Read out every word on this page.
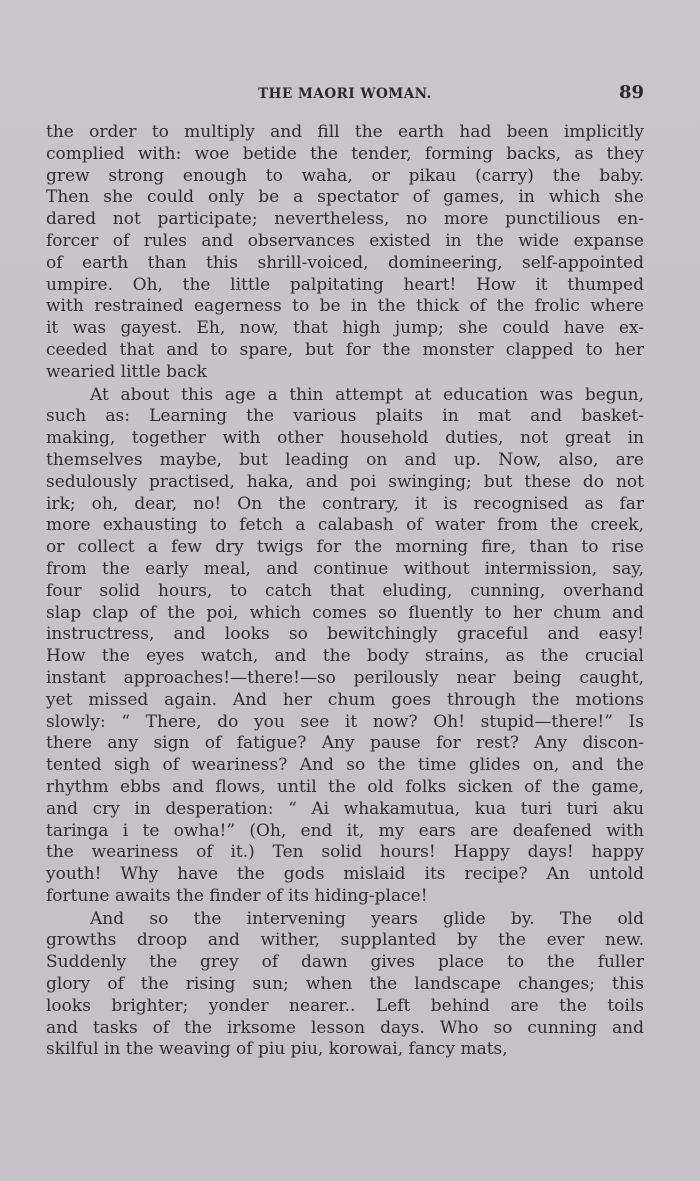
THE MAORI WOMAN.	89
the order to multiply and fill the earth had been implicitly
complied with: woe betide the tender, forming backs, as they
grew strong enough to waha, or pikau (carry) the baby.
Then she could only be a spectator of games, in which she
dared not participate; nevertheless, no more punctilious en-
forcer of rules and observances existed in the wide expanse
of earth than this shrill-voiced, domineering, self-appointed
umpire. Oh, the little palpitating heart! How it thumped
with restrained eagerness to be in the thick of the frolic where
it was gayest. Eh, now, that high jump; she could have ex-
ceeded that and to spare, but for the monster clapped to her
wearied little back
At about this age a thin attempt at education was begun,
such as: Learning the various plaits in mat and basket-
making, together with other household duties, not great in
themselves maybe, but leading on and up. Now, also, are
sedulously practised, haka, and poi swinging; but these do not
irk; oh, dear, no! On the contrary, it is recognised as far
more exhausting to fetch a calabash of water from the creek,
or collect a few dry twigs for the morning fire, than to rise
from the early meal, and continue without intermission, say,
four solid hours, to catch that eluding, cunning, overhand
slap clap of the poi, which comes so fluently to her chum and
instructress, and looks so bewitchingly graceful and easy!
How the eyes watch, and the body strains, as the crucial
instant approaches!—there!—so perilously near being caught,
yet missed again. And her chum goes through the motions
slowly: “ There, do you see it now? Oh! stupid—there!” Is
there any sign of fatigue? Any pause for rest? Any discon-
tented sigh of weariness? And so the time glides on, and the
rhythm ebbs and flows, until the old folks sicken of the game,
and cry in desperation: “ Ai whakamutua, kua turi turi aku
taringa i te owha!” (Oh, end it, my ears are deafened with
the weariness of it.) Ten solid hours! Happy days! happy
youth! Why have the gods mislaid its recipe? An untold
fortune awaits the finder of its hiding-place!
And so the intervening years glide by. The old
growths droop and wither, supplanted by the ever new.
Suddenly the grey of dawn gives place to the fuller
glory of the rising sun; when the landscape changes; this
looks brighter; yonder nearer.. Left behind are the toils
and tasks of the irksome lesson days. Who so cunning and
skilful in the weaving of piu piu, korowai, fancy mats,
